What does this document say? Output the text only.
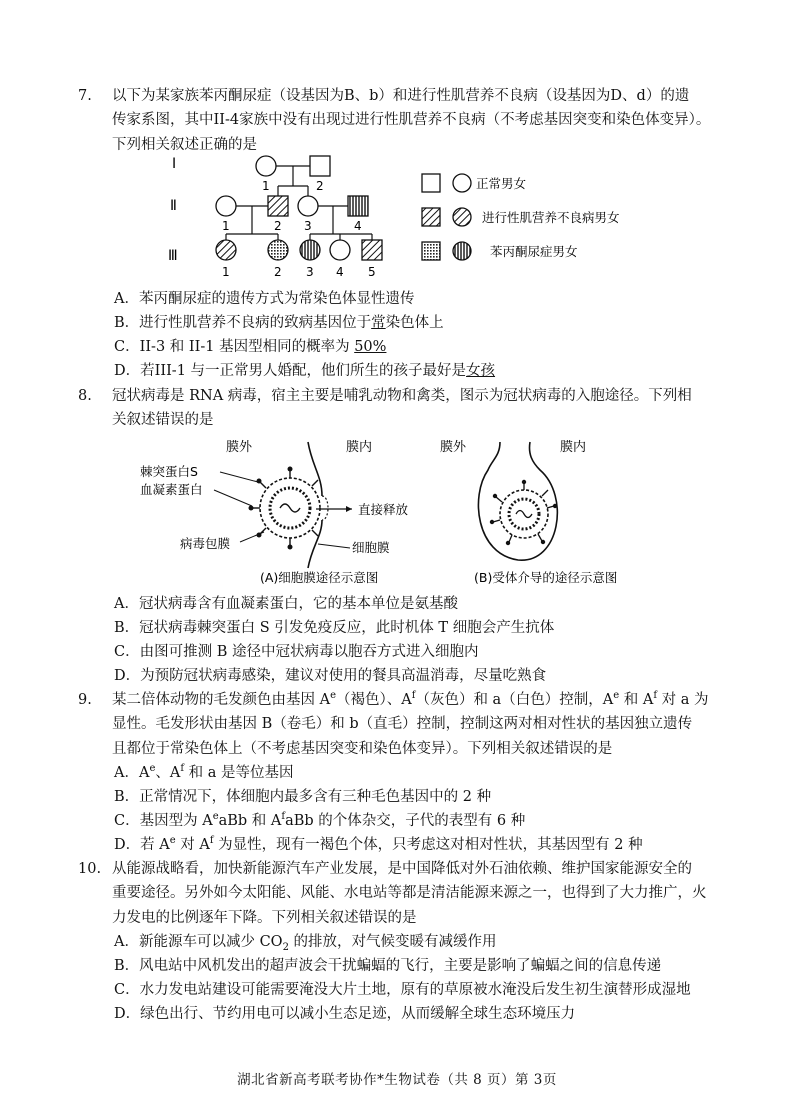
7.	以下为某家族苯丙酮尿症（设基因为B、b）和进行性肌营养不良病（设基因为D、d）的遗
传家系图，其中II-4家族中没有出现过进行性肌营养不良病（不考虑基因突变和染色体变异）。
下列相关叙述正确的是
I
Ⅱ
Ⅲ
1	2
1	2 3	4
1	2 3 4 5
正常男女
进行性肌营养不良病男女
苯丙酮尿症男女
A．苯丙酮尿症的遗传方式为常染色体显性遗传
B．进行性肌营养不良病的致病基因位于常染色体上
C．II-3 和 II-1 基因型相同的概率为 50%
D．若III-1 与一正常男人婚配，他们所生的孩子最好是女孩
8.	冠状病毒是 RNA 病毒，宿主主要是哺乳动物和禽类，图示为冠状病毒的入胞途径。下列相
关叙述错误的是
膜外	膜内	膜外	膜内
棘突蛋白S
血凝素蛋白
直接释放
病毒包膜	细胞膜
(A)细胞膜途径示意图	(B)受体介导的途径示意图
A．冠状病毒含有血凝素蛋白，它的基本单位是氨基酸
B．冠状病毒棘突蛋白 S 引发免疫反应，此时机体 T 细胞会产生抗体
C．由图可推测 B 途径中冠状病毒以胞吞方式进入细胞内
D．为预防冠状病毒感染，建议对使用的餐具高温消毒，尽量吃熟食
9.	某二倍体动物的毛发颜色由基因 $A^e$（褐色）、$A^f$（灰色）和 a（白色）控制，$A^e$ 和 $A^f$ 对 a 为
显性。毛发形状由基因 B（卷毛）和 b（直毛）控制，控制这两对相对性状的基因独立遗传
且都位于常染色体上（不考虑基因突变和染色体变异）。下列相关叙述错误的是
A．$A^e$、$A^f$ 和 a 是等位基因
B．正常情况下，体细胞内最多含有三种毛色基因中的 2 种
C．基因型为 $A^eaBb$ 和 $A^faBb$ 的个体杂交，子代的表型有 6 种
D．若 $A^e$ 对 $A^f$ 为显性，现有一褐色个体，只考虑这对相对性状，其基因型有 2 种
10. 从能源战略看，加快新能源汽车产业发展，是中国降低对外石油依赖、维护国家能源安全的
重要途径。另外如今太阳能、风能、水电站等都是清洁能源来源之一，也得到了大力推广，火
力发电的比例逐年下降。下列相关叙述错误的是
A．新能源车可以减少 $CO_2$ 的排放，对气候变暖有减缓作用
B．风电站中风机发出的超声波会干扰蝙蝠的飞行，主要是影响了蝙蝠之间的信息传递
C．水力发电站建设可能需要淹没大片土地，原有的草原被水淹没后发生初生演替形成湿地
D．绿色出行、节约用电可以减小生态足迹，从而缓解全球生态环境压力
湖北省新高考联考协作*生物试卷（共 8 页）第 3页
